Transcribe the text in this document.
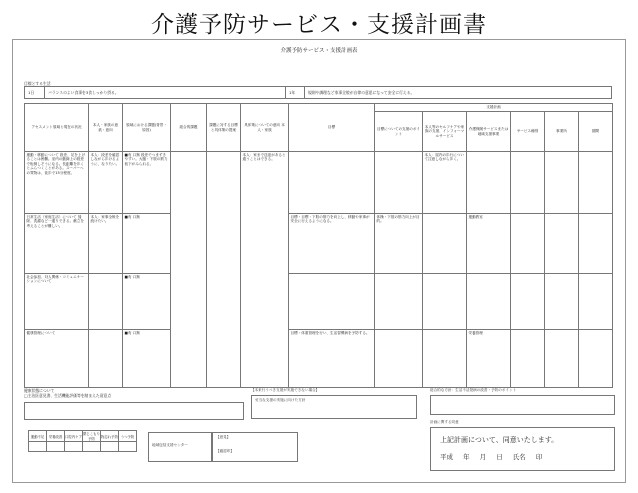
介護予防サービス・支援計画書
介護予防サービス・支援計画表
目標とする生活
1日	バランスのよい食事を3食しっかり摂る。	1年	規則や調理など家事全般が自律の意思になって安全に行える。
アセスメント領域と現在の状況	本人・家族の意欲・意向	領域における課題(背景・原因)	総合的課題	課題に対する目標と具体策の提案	具体策についての意向 本人・家族	目標	支援計画					
							目標についての支援のポイント	本人等のセルフケアや家族の支援、インフォーマルサービス	介護保険サービスまたは地域支援事業	サービス種別	事業所	期間
運動・移動について 段差、足を上げることは困難。室内の動線上の段差で転倒しそうになる。長距離を歩くとふらつくことがある。スーパーへの買物は、徒歩で15分程度。	本人：段差を確認しながら歩けるように、なりたい。	■有 口無 段差でつまずきやすい。大腿・下肢の筋力低下がみられる。			本人：家まで送迎があると通うことはできる。			本人：屋内の歩行について注意しながら歩く。				
日常生活（家庭生活）について 掃除、洗濯など一通りできる。献立を考えることが難しい。	本人：家事全般を続けたい。	■有 口無				目標・目標・下肢の筋力を向上し、移動や家事が安全に行えるようになる。	体操・下肢の筋力向上が目的。		運動教室			
社会参加、対人関係・コミュニケーションについて		■有 口無										
健康管理について		■有 口無				目標・体重管理を行い、生活習慣病を予防する。			栄養管理			
健康状態について
□主治医意見書、生活機能評価等を踏まえた留意点
運動不足	栄養改善	口腔内ケア	閉じこもり予防	物忘れ予防	うつ予防

地域包括支援センター
【意見】
【確認印】
【本来行うべき支援が実施できない場合】
妥当な支援の実施に向けた方針
総合的な方針：生活不活発病の改善・予防のポイント
計画に関する同意
上記計画について、同意いたします。
平成 年 月 日 氏名 印
